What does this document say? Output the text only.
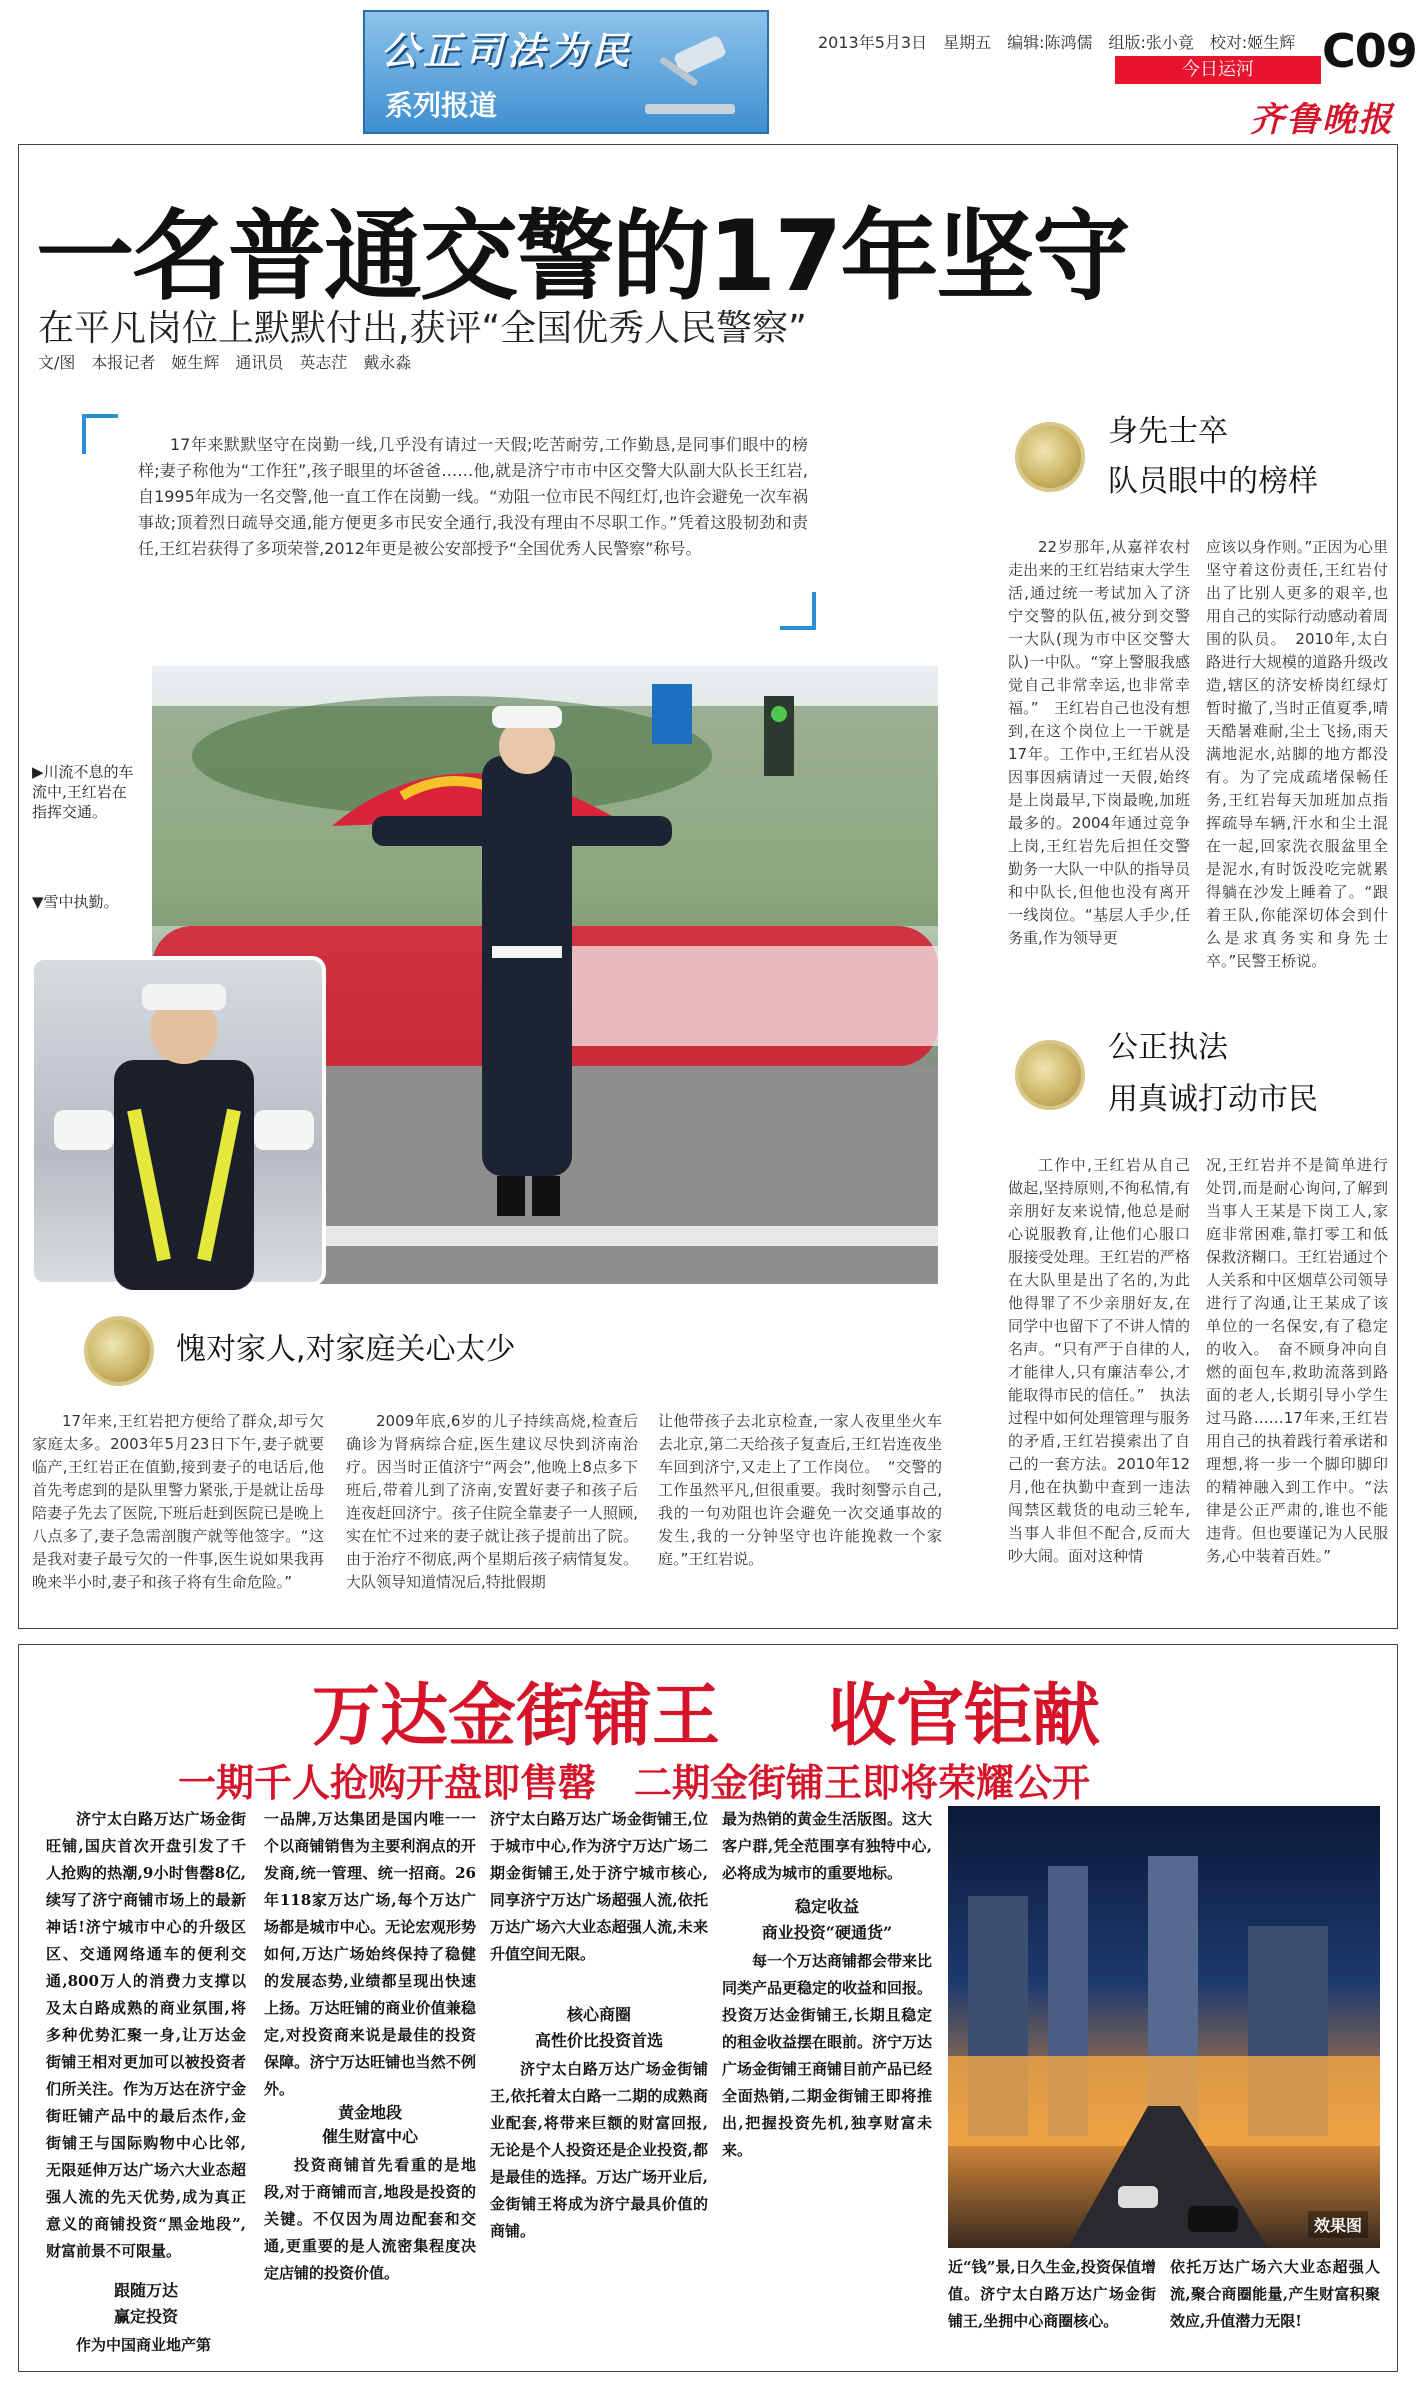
公正司法为民
系列报道
2013年5月3日　星期五　编辑:陈鸿儒　组版:张小竟　校对:姬生辉
今日运河	C09
齐鲁晚报
一名普通交警的17年坚守
在平凡岗位上默默付出,获评“全国优秀人民警察”
文/图　本报记者　姬生辉　通讯员　英志茳　戴永淼
17年来默默坚守在岗勤一线,几乎没有请过一天假;吃苦耐劳,工作勤恳,是同事们眼中的榜样;妻子称他为“工作狂”,孩子眼里的坏爸爸……他,就是济宁市市中区交警大队副大队长王红岩,自1995年成为一名交警,他一直工作在岗勤一线。“劝阻一位市民不闯红灯,也许会避免一次车祸事故;顶着烈日疏导交通,能方便更多市民安全通行,我没有理由不尽职工作。”凭着这股韧劲和责任,王红岩获得了多项荣誉,2012年更是被公安部授予“全国优秀人民警察”称号。
▶川流不息的车流中,王红岩在指挥交通。
▼雪中执勤。
身先士卒
队员眼中的榜样
22岁那年,从嘉祥农村走出来的王红岩结束大学生活,通过统一考试加入了济宁交警的队伍,被分到交警一大队(现为市中区交警大队)一中队。“穿上警服我感觉自己非常幸运,也非常幸福。”　王红岩自己也没有想到,在这个岗位上一干就是17年。工作中,王红岩从没因事因病请过一天假,始终是上岗最早,下岗最晚,加班最多的。2004年通过竞争上岗,王红岩先后担任交警勤务一大队一中队的指导员和中队长,但他也没有离开一线岗位。“基层人手少,任务重,作为领导更
应该以身作则。”正因为心里坚守着这份责任,王红岩付出了比别人更多的艰辛,也用自己的实际行动感动着周围的队员。　2010年,太白路进行大规模的道路升级改造,辖区的济安桥岗红绿灯暂时撤了,当时正值夏季,晴天酷暑难耐,尘土飞扬,雨天满地泥水,站脚的地方都没有。为了完成疏堵保畅任务,王红岩每天加班加点指挥疏导车辆,汗水和尘土混在一起,回家洗衣服盆里全是泥水,有时饭没吃完就累得躺在沙发上睡着了。“跟着王队,你能深切体会到什么是求真务实和身先士卒。”民警王桥说。
公正执法
用真诚打动市民
工作中,王红岩从自己做起,坚持原则,不徇私情,有亲朋好友来说情,他总是耐心说服教育,让他们心服口服接受处理。王红岩的严格在大队里是出了名的,为此他得罪了不少亲朋好友,在同学中也留下了不讲人情的名声。“只有严于自律的人,才能律人,只有廉洁奉公,才能取得市民的信任。”　执法过程中如何处理管理与服务的矛盾,王红岩摸索出了自己的一套方法。2010年12月,他在执勤中查到一违法闯禁区载货的电动三轮车,当事人非但不配合,反而大吵大闹。面对这种情
况,王红岩并不是简单进行处罚,而是耐心询问,了解到当事人王某是下岗工人,家庭非常困难,靠打零工和低保救济糊口。王红岩通过个人关系和中区烟草公司领导进行了沟通,让王某成了该单位的一名保安,有了稳定的收入。　奋不顾身冲向自燃的面包车,救助流落到路面的老人,长期引导小学生过马路……17年来,王红岩用自己的执着践行着承诺和理想,将一步一个脚印脚印的精神融入到工作中。“法律是公正严肃的,谁也不能违背。但也要谨记为人民服务,心中装着百姓。”
愧对家人,对家庭关心太少
17年来,王红岩把方便给了群众,却亏欠家庭太多。2003年5月23日下午,妻子就要临产,王红岩正在值勤,接到妻子的电话后,他首先考虑到的是队里警力紧张,于是就让岳母陪妻子先去了医院,下班后赶到医院已是晚上八点多了,妻子急需剖腹产就等他签字。“这是我对妻子最亏欠的一件事,医生说如果我再晚来半小时,妻子和孩子将有生命危险。”
2009年底,6岁的儿子持续高烧,检查后确诊为肾病综合症,医生建议尽快到济南治疗。因当时正值济宁“两会”,他晚上8点多下班后,带着儿到了济南,安置好妻子和孩子后连夜赶回济宁。孩子住院全靠妻子一人照顾,实在忙不过来的妻子就让孩子提前出了院。由于治疗不彻底,两个星期后孩子病情复发。大队领导知道情况后,特批假期
让他带孩子去北京检查,一家人夜里坐火车去北京,第二天给孩子复查后,王红岩连夜坐车回到济宁,又走上了工作岗位。　“交警的工作虽然平凡,但很重要。我时刻警示自己,我的一句劝阻也许会避免一次交通事故的发生,我的一分钟坚守也许能挽救一个家庭。”王红岩说。
万达金街铺王 收官钜献
一期千人抢购开盘即售罄　二期金街铺王即将荣耀公开
济宁太白路万达广场金街旺铺,国庆首次开盘引发了千人抢购的热潮,9小时售罄8亿,续写了济宁商铺市场上的最新神话!济宁城市中心的升级区区、交通网络通车的便利交通,800万人的消费力支撑以及太白路成熟的商业氛围,将多种优势汇聚一身,让万达金街铺王相对更加可以被投资者们所关注。作为万达在济宁金街旺铺产品中的最后杰作,金街铺王与国际购物中心比邻,无限延伸万达广场六大业态超强人流的先天优势,成为真正意义的商铺投资“黑金地段”,财富前景不可限量。
跟随万达
赢定投资
作为中国商业地产第
一品牌,万达集团是国内唯一一个以商铺销售为主要利润点的开发商,统一管理、统一招商。26年118家万达广场,每个万达广场都是城市中心。无论宏观形势如何,万达广场始终保持了稳健的发展态势,业绩都呈现出快速上扬。万达旺铺的商业价值兼稳定,对投资商来说是最佳的投资保障。济宁万达旺铺也当然不例外。
黄金地段
催生财富中心
投资商铺首先看重的是地段,对于商铺而言,地段是投资的关键。不仅因为周边配套和交通,更重要的是人流密集程度决定店铺的投资价值。
济宁太白路万达广场金街铺王,位于城市中心,作为济宁万达广场二期金街铺王,处于济宁城市核心,同享济宁万达广场超强人流,依托万达广场六大业态超强人流,未来升值空间无限。
核心商圈
高性价比投资首选
济宁太白路万达广场金街铺王,依托着太白路一二期的成熟商业配套,将带来巨额的财富回报,无论是个人投资还是企业投资,都是最佳的选择。万达广场开业后,金街铺王将成为济宁最具价值的商铺。
最为热销的黄金生活版图。这大客户群,凭全范围享有独特中心,必将成为城市的重要地标。
稳定收益
商业投资“硬通货”
每一个万达商铺都会带来比同类产品更稳定的收益和回报。投资万达金街铺王,长期且稳定的租金收益摆在眼前。济宁万达广场金街铺王商铺目前产品已经全面热销,二期金街铺王即将推出,把握投资先机,独享财富未来。
效果图
近“钱”景,日久生金,投资保值增值。济宁太白路万达广场金街铺王,坐拥中心商圈核心。
依托万达广场六大业态超强人流,聚合商圈能量,产生财富积聚效应,升值潜力无限!
